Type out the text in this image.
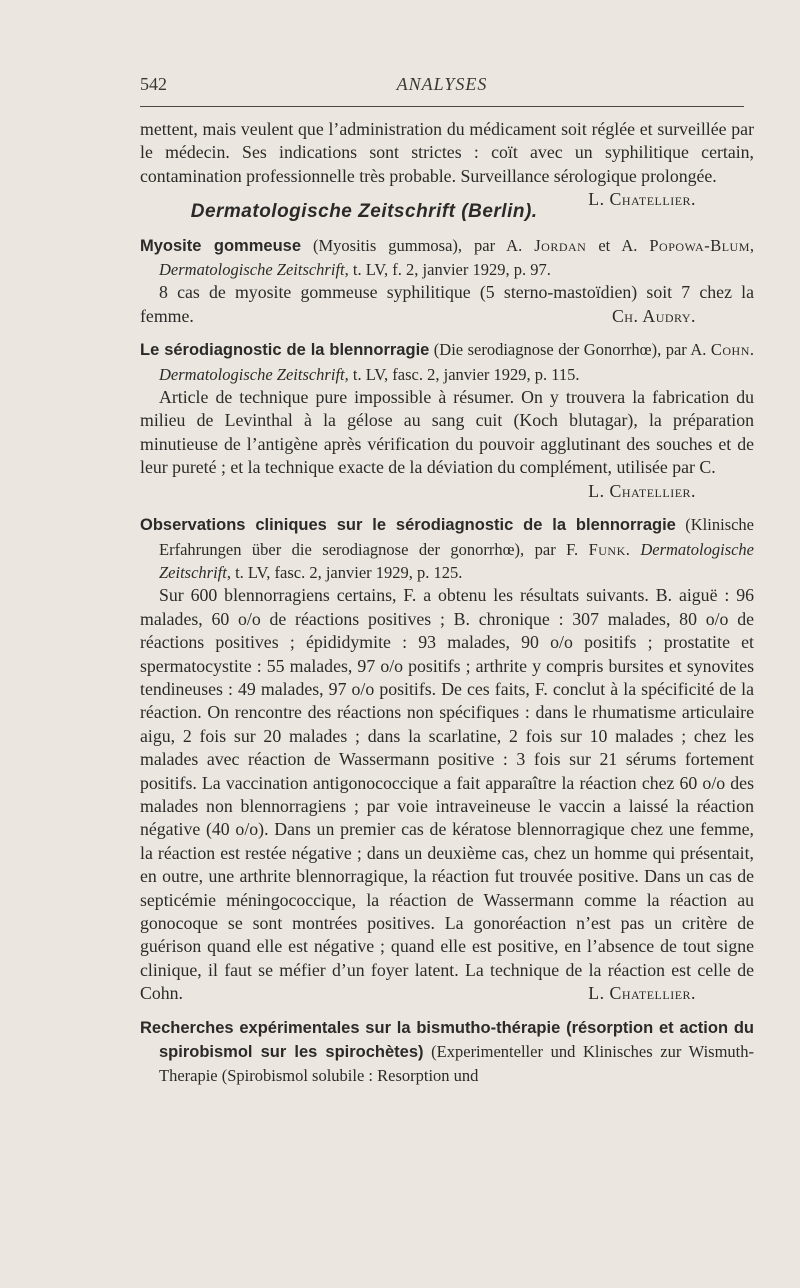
542	ANALYSES

mettent, mais veulent que l’administration du médicament soit réglée et surveillée par le médecin. Ses indications sont strictes : coït avec un syphilitique certain, contamination professionnelle très probable. Surveillance sérologique prolongée.
L. Chatellier.

Dermatologische Zeitschrift (Berlin).

Myosite gommeuse (Myositis gummosa), par A. Jordan et A. Popowa-Blum, Dermatologische Zeitschrift, t. LV, f. 2, janvier 1929, p. 97.

8 cas de myosite gommeuse syphilitique (5 sterno-mastoïdien) soit 7 chez la femme.	Ch. Audry.

Le sérodiagnostic de la blennorragie (Die serodiagnose der Gonorrhœ), par A. Cohn. Dermatologische Zeitschrift, t. LV, fasc. 2, janvier 1929, p. 115.

Article de technique pure impossible à résumer. On y trouvera la fabrication du milieu de Levinthal à la gélose au sang cuit (Koch blutagar), la préparation minutieuse de l’antigène après vérification du pouvoir agglutinant des souches et de leur pureté ; et la technique exacte de la déviation du complément, utilisée par C.

L. Chatellier.

Observations cliniques sur le sérodiagnostic de la blennorragie (Klinische Erfahrungen über die serodiagnose der gonorrhœ), par F. Funk. Dermatologische Zeitschrift, t. LV, fasc. 2, janvier 1929, p. 125.

Sur 600 blennorragiens certains, F. a obtenu les résultats suivants. B. aiguë : 96 malades, 60 o/o de réactions positives ; B. chronique : 307 malades, 80 o/o de réactions positives ; épididymite : 93 malades, 90 o/o positifs ; prostatite et spermatocystite : 55 malades, 97 o/o positifs ; arthrite y compris bursites et synovites tendineuses : 49 malades, 97 o/o positifs. De ces faits, F. conclut à la spécificité de la réaction. On rencontre des réactions non spécifiques : dans le rhumatisme articulaire aigu, 2 fois sur 20 malades ; dans la scarlatine, 2 fois sur 10 malades ; chez les malades avec réaction de Wassermann positive : 3 fois sur 21 sérums fortement positifs. La vaccination antigonococcique a fait apparaître la réaction chez 60 o/o des malades non blennorragiens ; par voie intraveineuse le vaccin a laissé la réaction négative (40 o/o). Dans un premier cas de kératose blennorragique chez une femme, la réaction est restée négative ; dans un deuxième cas, chez un homme qui présentait, en outre, une arthrite blennorragique, la réaction fut trouvée positive. Dans un cas de septicémie méningococcique, la réaction de Wassermann comme la réaction au gonocoque se sont montrées positives. La gonoréaction n’est pas un critère de guérison quand elle est négative ; quand elle est positive, en l’absence de tout signe clinique, il faut se méfier d’un foyer latent. La technique de la réaction est celle de Cohn.	L. Chatellier.

Recherches expérimentales sur la bismutho-thérapie (résorption et action du spirobismol sur les spirochètes) (Experimenteller und Klinisches zur Wismuth-Therapie (Spirobismol solubile : Resorption und
